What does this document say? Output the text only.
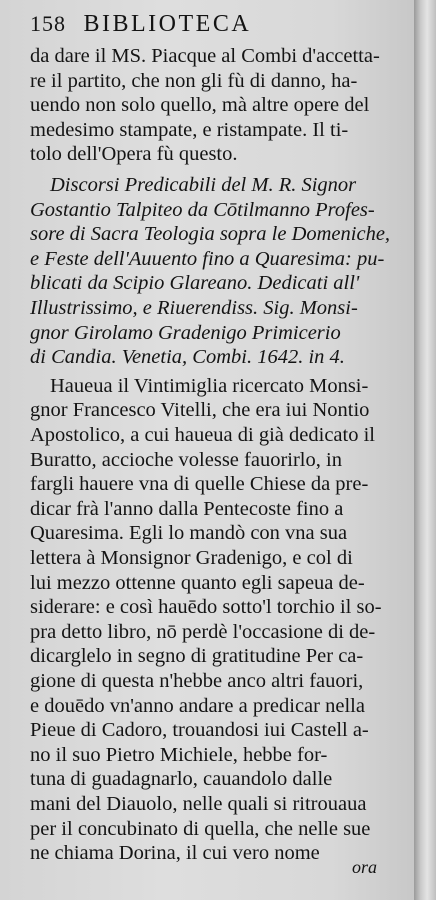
158 BIBLIOTECA
da dare il MS. Piacque al Combi d'accetta-
re il partito, che non gli fù di danno, ha-
uendo non solo quello, mà altre opere del
medesimo stampate, e ristampate. Il ti-
tolo dell'Opera fù questo.
Discorsi Predicabili del M. R. Signor
Gostantio Talpiteo da Cōtilmanno Profes-
sore di Sacra Teologia sopra le Domeniche,
e Feste dell'Auuento fino a Quaresima: pu-
blicati da Scipio Glareano. Dedicati all'
Illustrissimo, e Riuerendiss. Sig. Monsi-
gnor Girolamo Gradenigo Primicerio
di Candia. Venetia, Combi. 1642. in 4.
Haueua il Vintimiglia ricercato Monsi-
gnor Francesco Vitelli, che era iui Nontio
Apostolico, a cui haueua di già dedicato il
Buratto, accioche volesse fauorirlo, in
fargli hauere vna di quelle Chiese da pre-
dicar frà l'anno dalla Pentecoste fino a
Quaresima. Egli lo mandò con vna sua
lettera à Monsignor Gradenigo, e col di
lui mezzo ottenne quanto egli sapeua de-
siderare: e così hauēdo sotto'l torchio il so-
pra detto libro, nō perdè l'occasione di de-
dicarglelo in segno di gratitudine Per ca-
gione di questa n'hebbe anco altri fauori,
e douēdo vn'anno andare a predicar nella
Pieue di Cadoro, trouandosi iui Castell a-
no il suo Pietro Michiele, hebbe for-
tuna di guadagnarlo, cauandolo dalle
mani del Diauolo, nelle quali si ritrouaua
per il concubinato di quella, che nelle sue
ne chiama Dorina, il cui vero nome
ora
